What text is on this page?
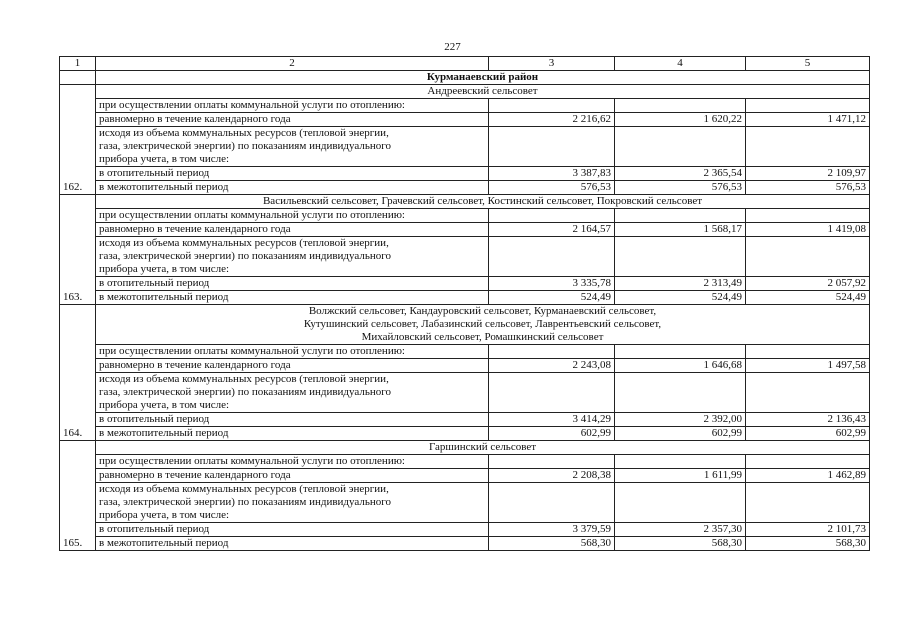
227
1	2	3	4	5
	Курманаевский район			
162.	Андреевский сельсовет			

	при осуществлении оплаты коммунальной услуги по отоплению:			
	равномерно в течение календарного года	2 216,62	1 620,22	1 471,12

	исходя из объема коммунальных ресурсов (тепловой энергии,
газа, электрической энергии) по показаниям индивидуального
прибора учета, в том числе:			

	в отопительный период	3 387,83	2 365,54	2 109,97
	в межотопительный период	576,53	576,53	576,53
163.	Васильевский сельсовет, Грачевский сельсовет, Костинский сельсовет, Покровский сельсовет			

	при осуществлении оплаты коммунальной услуги по отоплению:			
	равномерно в течение календарного года	2 164,57	1 568,17	1 419,08

	исходя из объема коммунальных ресурсов (тепловой энергии,
газа, электрической энергии) по показаниям индивидуального
прибора учета, в том числе:			

	в отопительный период	3 335,78	2 313,49	2 057,92
	в межотопительный период	524,49	524,49	524,49
164.	Волжский сельсовет, Кандауровский сельсовет, Курманаевский сельсовет,
Кутушинский сельсовет, Лабазинский сельсовет, Лаврентьевский сельсовет,
Михайловский сельсовет, Ромашкинский сельсовет			

	при осуществлении оплаты коммунальной услуги по отоплению:			
	равномерно в течение календарного года	2 243,08	1 646,68	1 497,58

	исходя из объема коммунальных ресурсов (тепловой энергии,
газа, электрической энергии) по показаниям индивидуального
прибора учета, в том числе:			

	в отопительный период	3 414,29	2 392,00	2 136,43
	в межотопительный период	602,99	602,99	602,99
165.	Гаршинский сельсовет			

	при осуществлении оплаты коммунальной услуги по отоплению:			
	равномерно в течение календарного года	2 208,38	1 611,99	1 462,89

	исходя из объема коммунальных ресурсов (тепловой энергии,
газа, электрической энергии) по показаниям индивидуального
прибора учета, в том числе:			

	в отопительный период	3 379,59	2 357,30	2 101,73
	в межотопительный период	568,30	568,30	568,30
